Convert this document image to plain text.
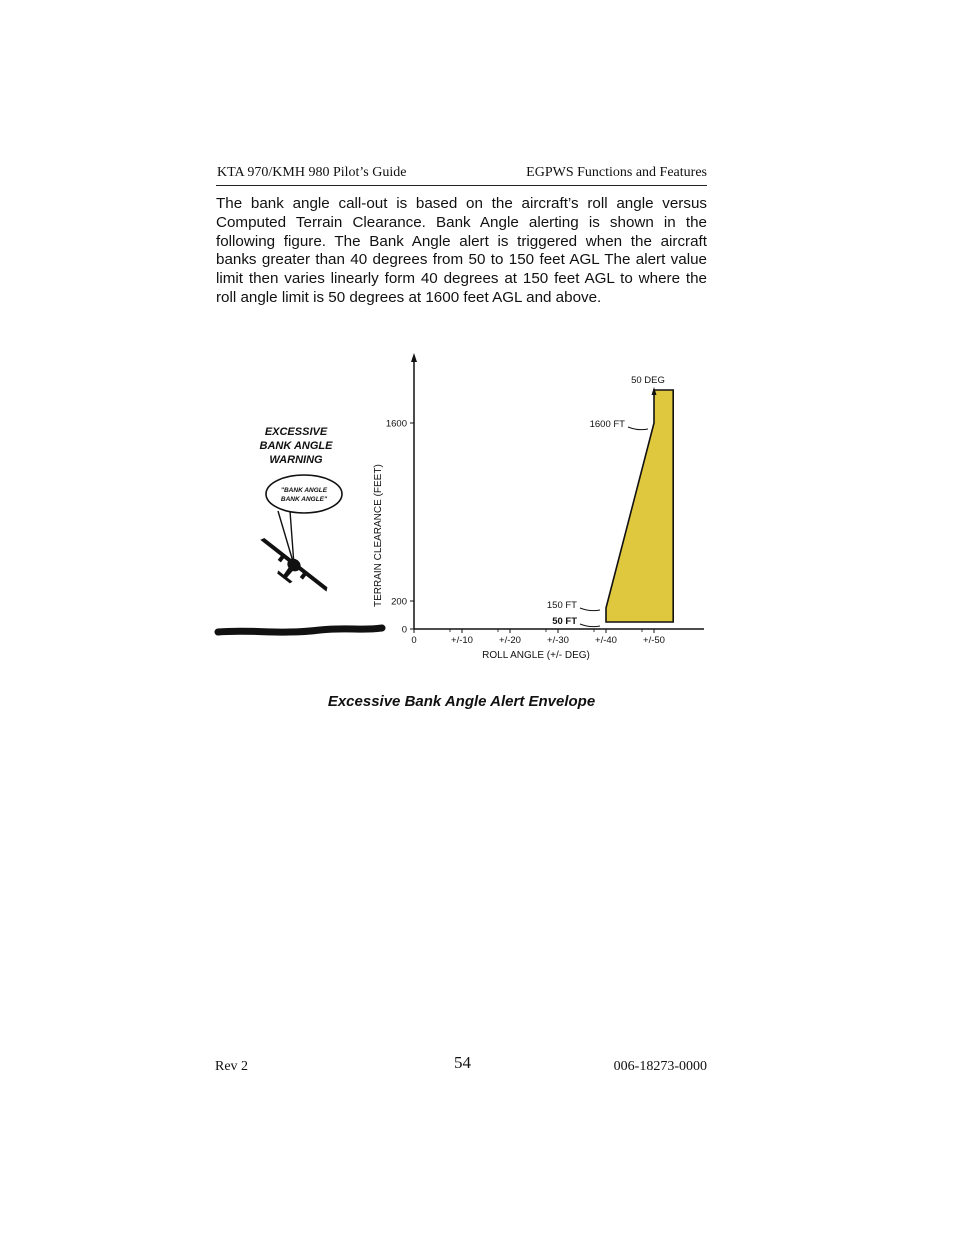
KTA 970/KMH 980 Pilot’s Guide	EGPWS Functions and Features

The bank angle call-out is based on the aircraft’s roll angle versus Computed Terrain Clearance. Bank Angle alerting is shown in the following figure. The Bank Angle alert is triggered when the aircraft banks greater than 40 degrees from 50 to 150 feet AGL The alert value limit then varies linearly form 40 degrees at 150 feet AGL to where the roll angle limit is 50 degrees at 1600 feet AGL and above.

EXCESSIVE
BANK ANGLE
WARNING
"BANK ANGLE
BANK ANGLE"
0	+/-10	+/-20	+/-30	+/-40	+/-50
0
200
1600
50 DEG
1600 FT
150 FT
50 FT
TERRAIN CLEARANCE (FEET)
ROLL ANGLE (+/- DEG)
Excessive Bank Angle Alert Envelope
Rev 2	54	006-18273-0000
